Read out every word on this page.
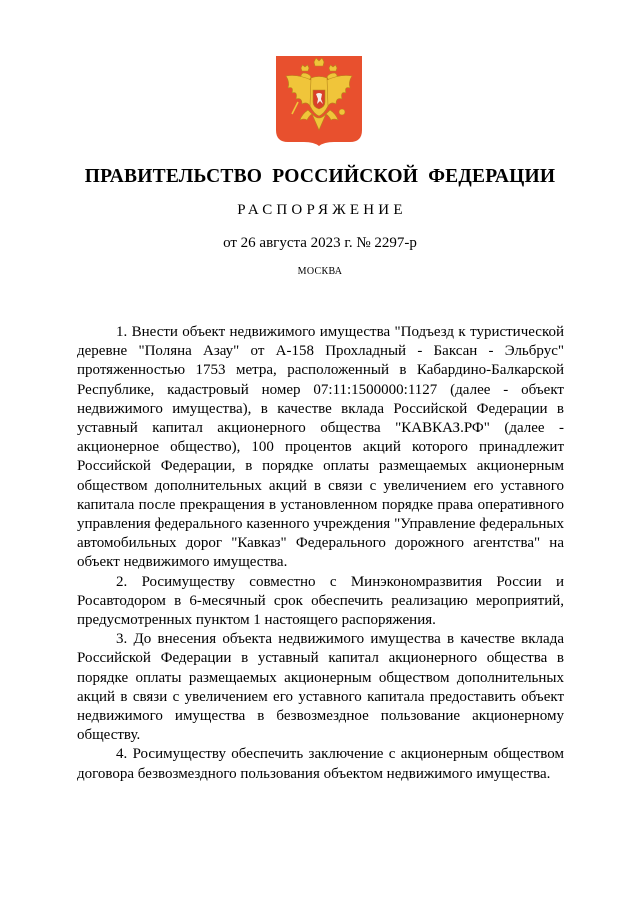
ПРАВИТЕЛЬСТВО  РОССИЙСКОЙ  ФЕДЕРАЦИИ
РАСПОРЯЖЕНИЕ
от 26 августа 2023 г. № 2297-р
МОСКВА

1. Внести объект недвижимого имущества "Подъезд к туристической деревне "Поляна Азау" от А-158 Прохладный - Баксан - Эльбрус" протяженностью 1753 метра, расположенный в Кабардино-Балкарской Республике, кадастровый номер 07:11:1500000:1127 (далее - объект недвижимого имущества), в качестве вклада Российской Федерации в уставный капитал акционерного общества "КАВКАЗ.РФ" (далее - акционерное общество), 100 процентов акций которого принадлежит Российской Федерации, в порядке оплаты размещаемых акционерным обществом дополнительных акций в связи с увеличением его уставного капитала после прекращения в установленном порядке права оперативного управления федерального казенного учреждения "Управление федеральных автомобильных дорог "Кавказ" Федерального дорожного агентства" на объект недвижимого имущества.

2. Росимуществу совместно с Минэкономразвития России и Росавтодором в 6-месячный срок обеспечить реализацию мероприятий, предусмотренных пунктом 1 настоящего распоряжения.

3. До внесения объекта недвижимого имущества в качестве вклада Российской Федерации в уставный капитал акционерного общества в порядке оплаты размещаемых акционерным обществом дополнительных акций в связи с увеличением его уставного капитала предоставить объект недвижимого имущества в безвозмездное пользование акционерному обществу.

4. Росимуществу обеспечить заключение с акционерным обществом договора безвозмездного пользования объектом недвижимого имущества.
